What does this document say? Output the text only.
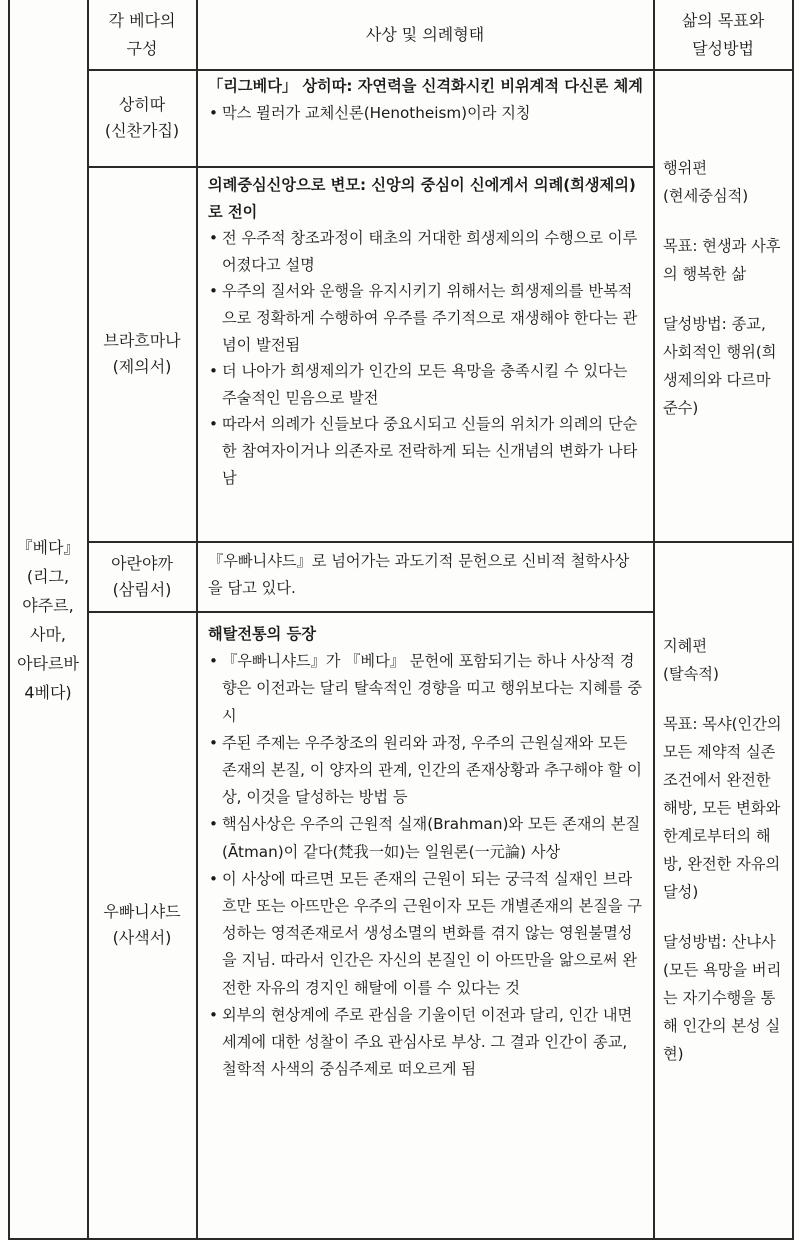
각 베다의
구성
사상 및 의례형태
삶의 목표와
달성방법
『베다』
(리그,
야주르,
사마,
아타르바
4베다)
상히따
(신찬가집)

「리그베다」 상히따: 자연력을 신격화시킨 비위계적 다신론 체계

• 막스 뮐러가 교체신론(Henotheism)이라 지칭
브라흐마나
(제의서)

의례중심신앙으로 변모: 신앙의 중심이 신에게서 의례(희생제의)로 전이

• 전 우주적 창조과정이 태초의 거대한 희생제의의 수행으로 이루어졌다고 설명
• 우주의 질서와 운행을 유지시키기 위해서는 희생제의를 반복적으로 정확하게 수행하여 우주를 주기적으로 재생해야 한다는 관념이 발전됨
• 더 나아가 희생제의가 인간의 모든 욕망을 충족시킬 수 있다는 주술적인 믿음으로 발전
• 따라서 의례가 신들보다 중요시되고 신들의 위치가 의례의 단순한 참여자이거나 의존자로 전락하게 되는 신개념의 변화가 나타남
아란야까
(삼림서)

『우빠니샤드』로 넘어가는 과도기적 문헌으로 신비적 철학사상을 담고 있다.

우빠니샤드
(사색서)

해탈전통의 등장

• 『우빠니샤드』가 『베다』 문헌에 포함되기는 하나 사상적 경향은 이전과는 달리 탈속적인 경향을 띠고 행위보다는 지혜를 중시
• 주된 주제는 우주창조의 원리와 과정, 우주의 근원실재와 모든 존재의 본질, 이 양자의 관계, 인간의 존재상황과 추구해야 할 이상, 이것을 달성하는 방법 등
• 핵심사상은 우주의 근원적 실재(Brahman)와 모든 존재의 본질(Ātman)이 같다(梵我一如)는 일원론(一元論) 사상
• 이 사상에 따르면 모든 존재의 근원이 되는 궁극적 실재인 브라흐만 또는 아뜨만은 우주의 근원이자 모든 개별존재의 본질을 구성하는 영적존재로서 생성소멸의 변화를 겪지 않는 영원불멸성을 지님. 따라서 인간은 자신의 본질인 이 아뜨만을 앎으로써 완전한 자유의 경지인 해탈에 이를 수 있다는 것
• 외부의 현상계에 주로 관심을 기울이던 이전과 달리, 인간 내면세계에 대한 성찰이 주요 관심사로 부상. 그 결과 인간이 종교, 철학적 사색의 중심주제로 떠오르게 됨
행위편
(현세중심적)
목표: 현생과 사후의 행복한 삶
달성방법: 종교, 사회적인 행위(희생제의와 다르마 준수)
지혜편
(탈속적)
목표: 목샤(인간의 모든 제약적 실존 조건에서 완전한 해방, 모든 변화와 한계로부터의 해방, 완전한 자유의 달성)
달성방법: 산냐사(모든 욕망을 버리는 자기수행을 통해 인간의 본성 실현)
